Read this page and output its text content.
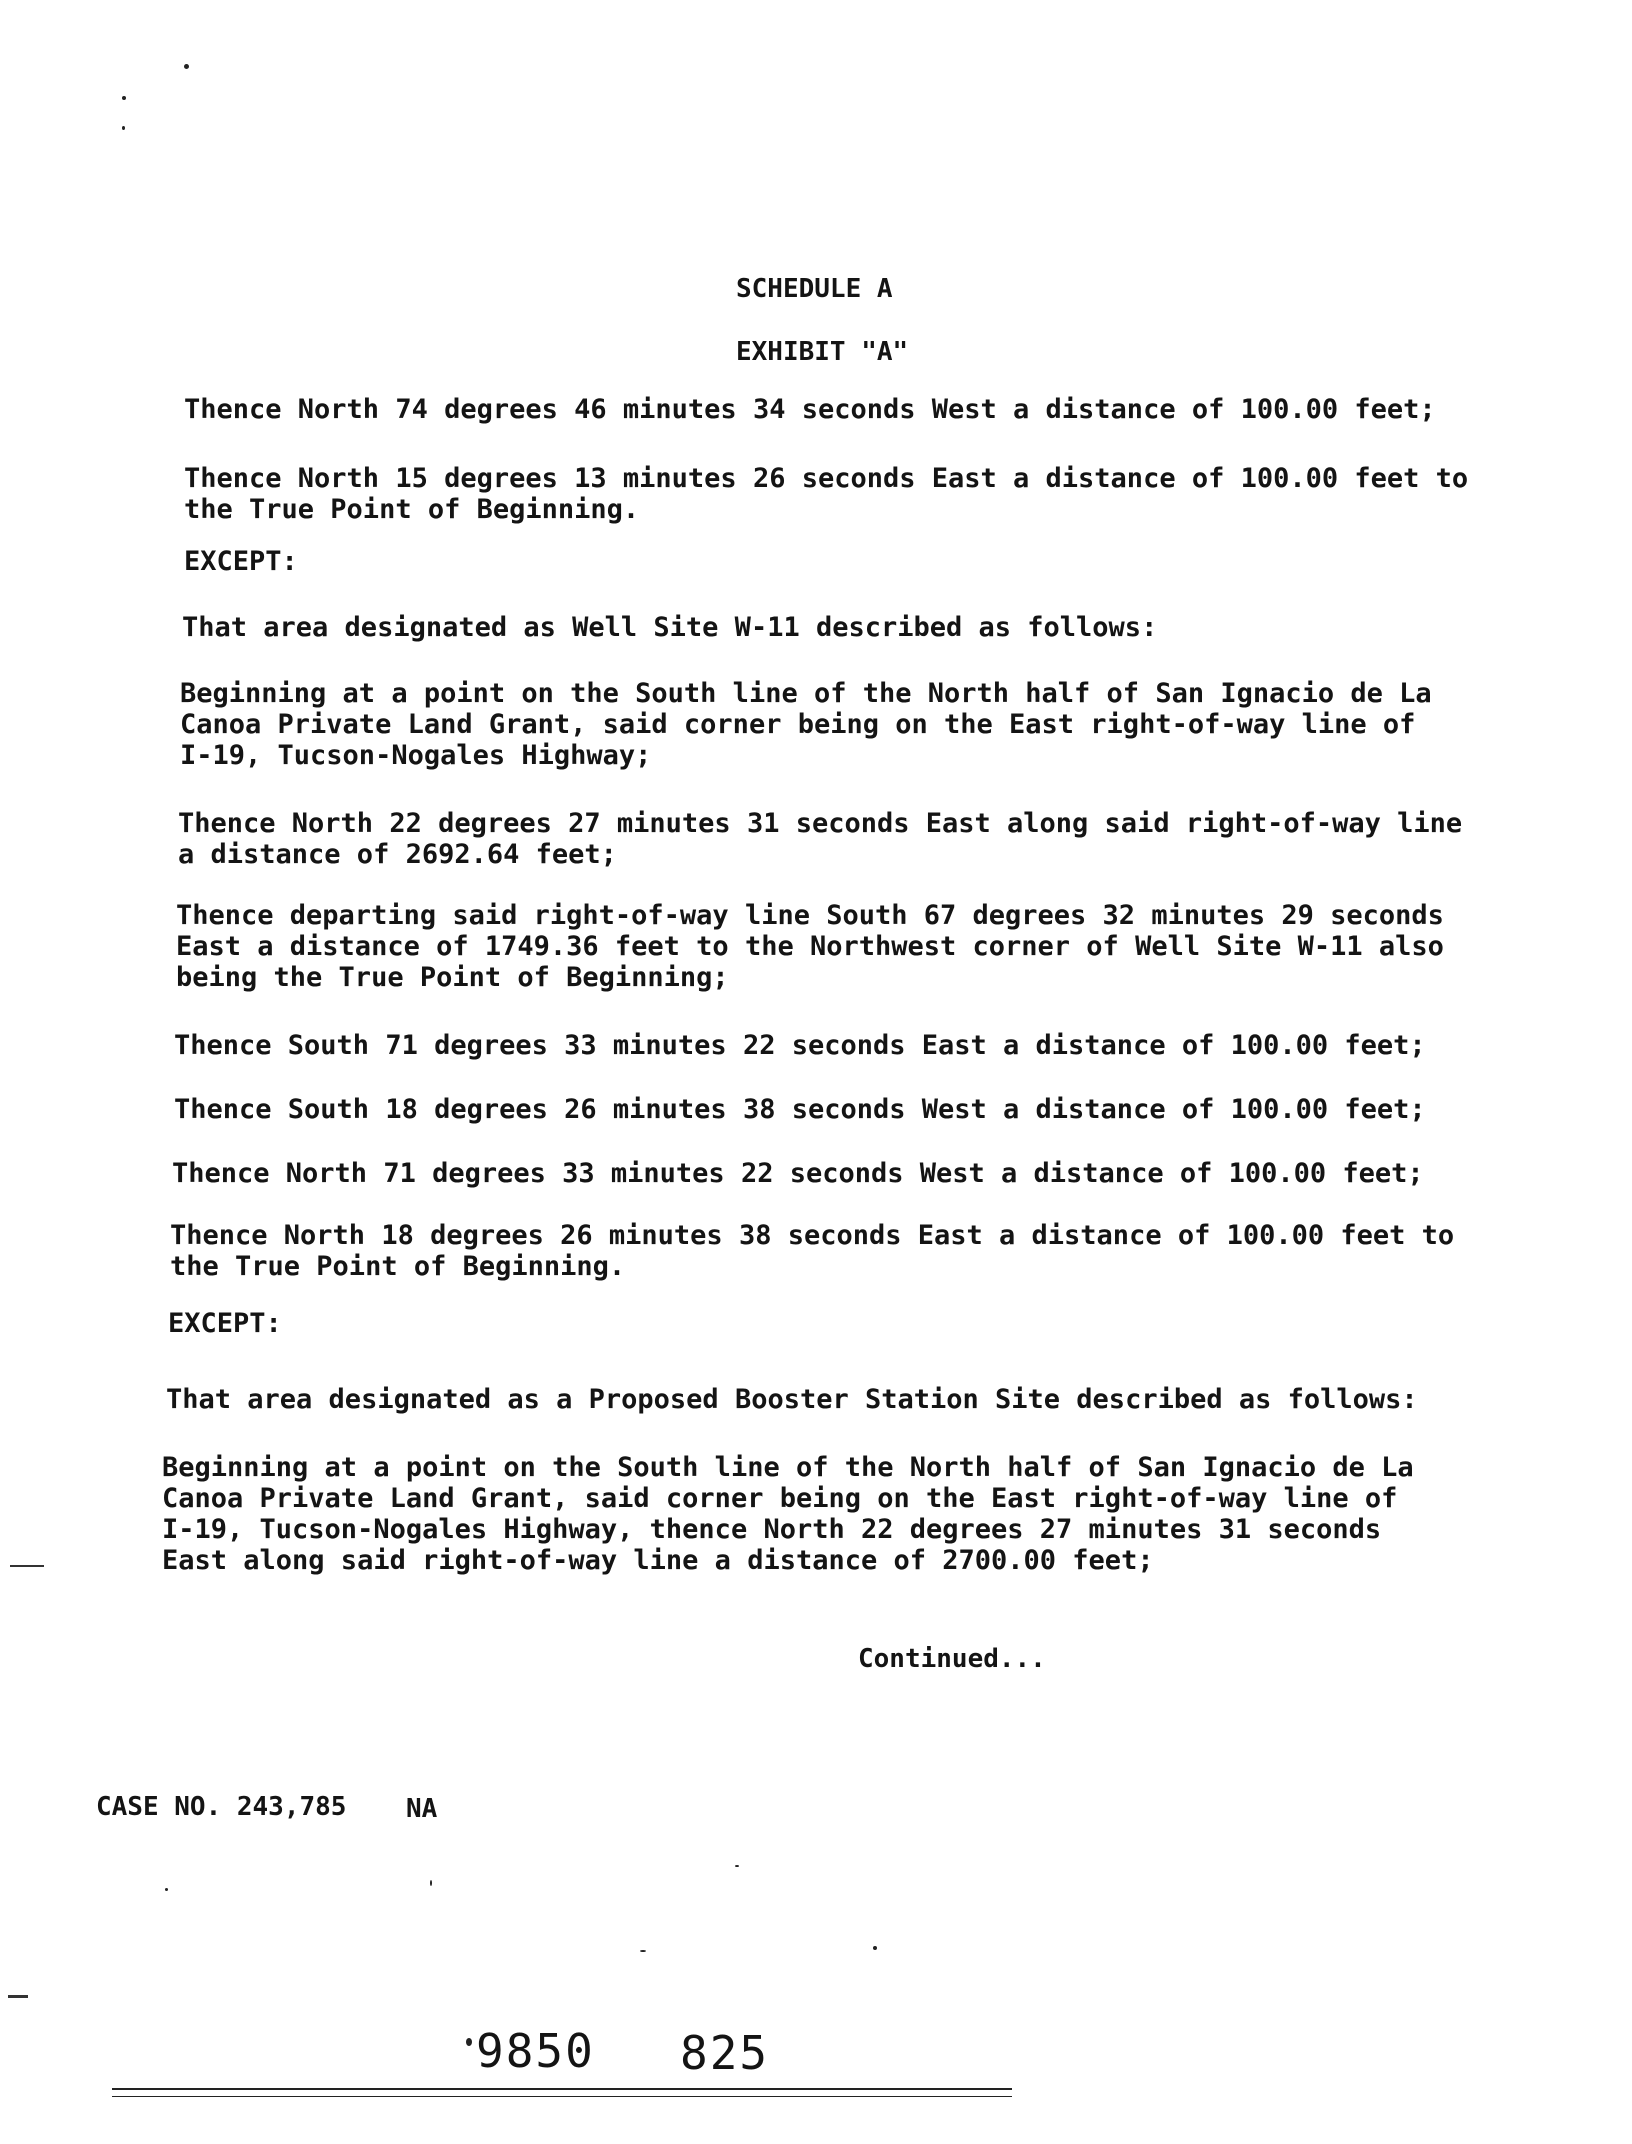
SCHEDULE A
EXHIBIT "A"
Thence North 74 degrees 46 minutes 34 seconds West a distance of 100.00 feet;
Thence North 15 degrees 13 minutes 26 seconds East a distance of 100.00 feet to
the True Point of Beginning.
EXCEPT:
That area designated as Well Site W-11 described as follows:
Beginning at a point on the South line of the North half of San Ignacio de La
Canoa Private Land Grant, said corner being on the East right-of-way line of
I-19, Tucson-Nogales Highway;
Thence North 22 degrees 27 minutes 31 seconds East along said right-of-way line
a distance of 2692.64 feet;
Thence departing said right-of-way line South 67 degrees 32 minutes 29 seconds
East a distance of 1749.36 feet to the Northwest corner of Well Site W-11 also
being the True Point of Beginning;
Thence South 71 degrees 33 minutes 22 seconds East a distance of 100.00 feet;
Thence South 18 degrees 26 minutes 38 seconds West a distance of 100.00 feet;
Thence North 71 degrees 33 minutes 22 seconds West a distance of 100.00 feet;
Thence North 18 degrees 26 minutes 38 seconds East a distance of 100.00 feet to
the True Point of Beginning.
EXCEPT:
That area designated as a Proposed Booster Station Site described as follows:
Beginning at a point on the South line of the North half of San Ignacio de La
Canoa Private Land Grant, said corner being on the East right-of-way line of
I-19, Tucson-Nogales Highway, thence North 22 degrees 27 minutes 31 seconds
East along said right-of-way line a distance of 2700.00 feet;
Continued...
CASE NO. 243,785 NA
9850 825
